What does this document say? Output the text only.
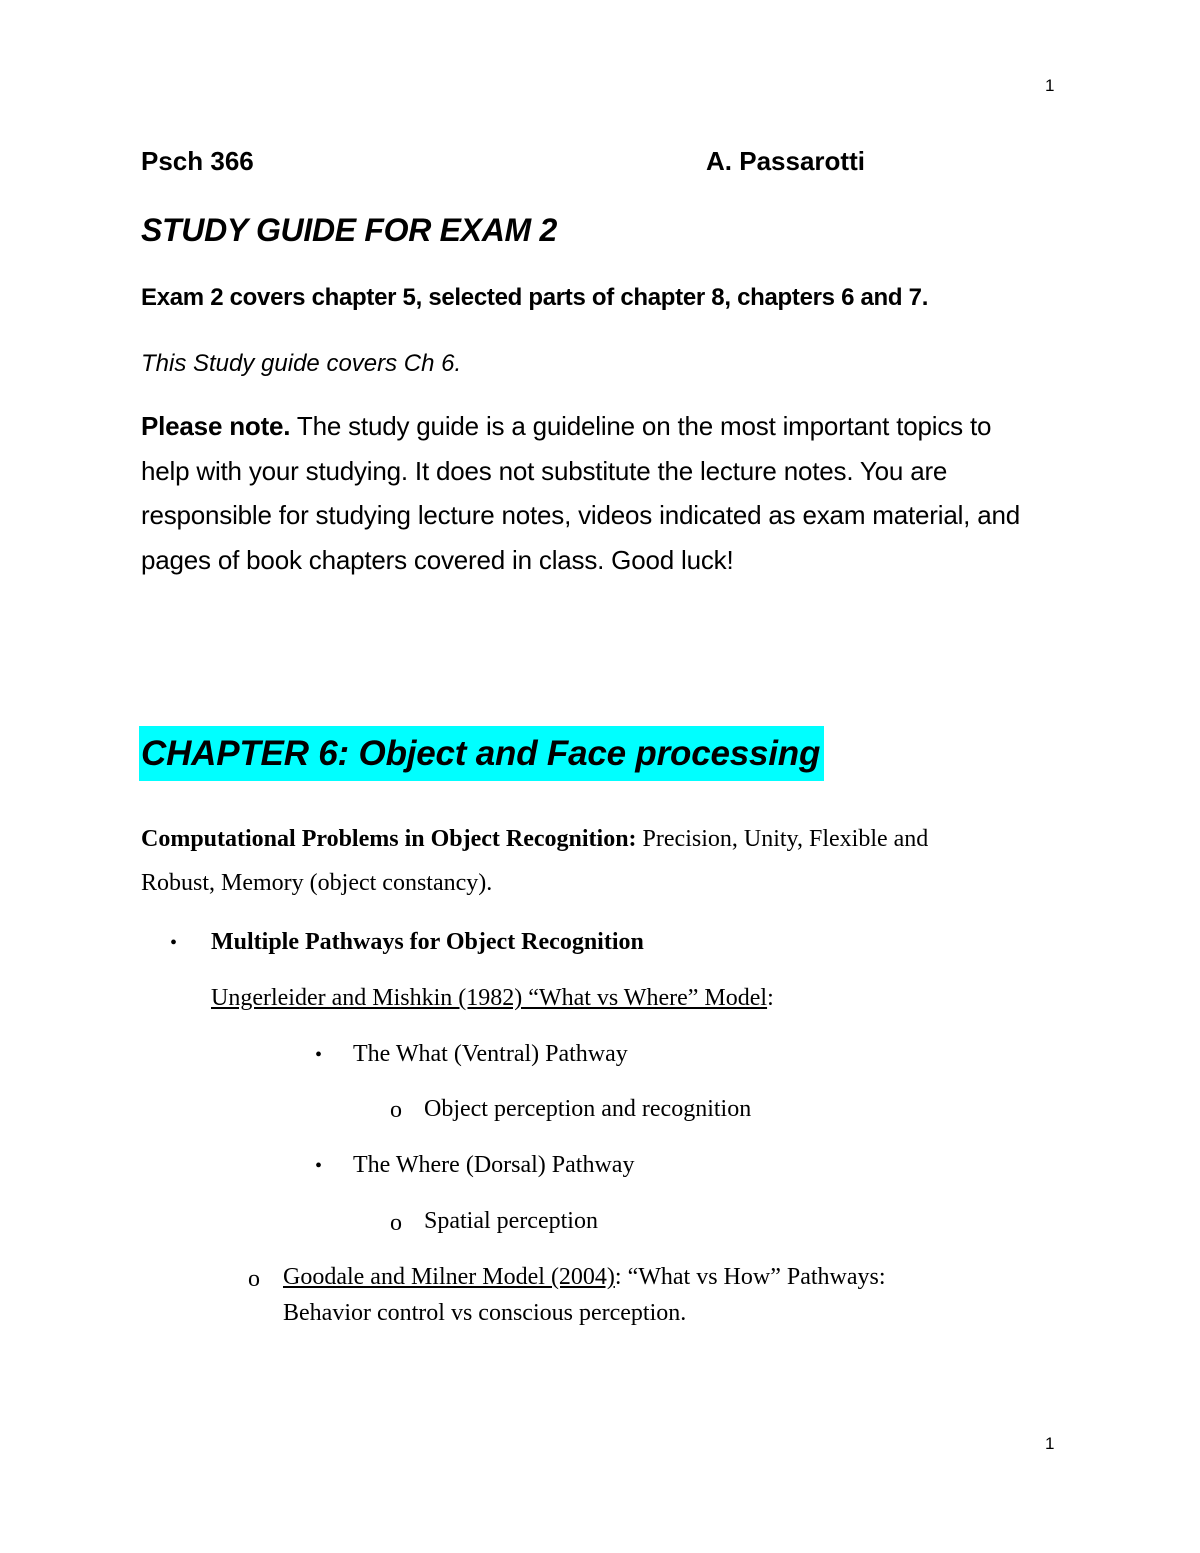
1
1
Psch 366	A. Passarotti
STUDY GUIDE FOR EXAM 2
Exam 2 covers chapter 5, selected parts of chapter 8, chapters 6 and 7.
This Study guide covers Ch 6.
Please note. The study guide is a guideline on the most important topics to help with your studying. It does not substitute the lecture notes. You are responsible for studying lecture notes, videos indicated as exam material, and pages of book chapters covered in class. Good luck!
CHAPTER 6: Object and Face processing
Computational Problems in Object Recognition: Precision, Unity, Flexible and
Robust, Memory (object constancy).
• Multiple Pathways for Object Recognition
Ungerleider and Mishkin (1982) “What vs Where” Model:
• The What (Ventral) Pathway
o Object perception and recognition
• The Where (Dorsal) Pathway
o Spatial perception
o Goodale and Milner Model (2004): “What vs How” Pathways:
Behavior control vs conscious perception.
